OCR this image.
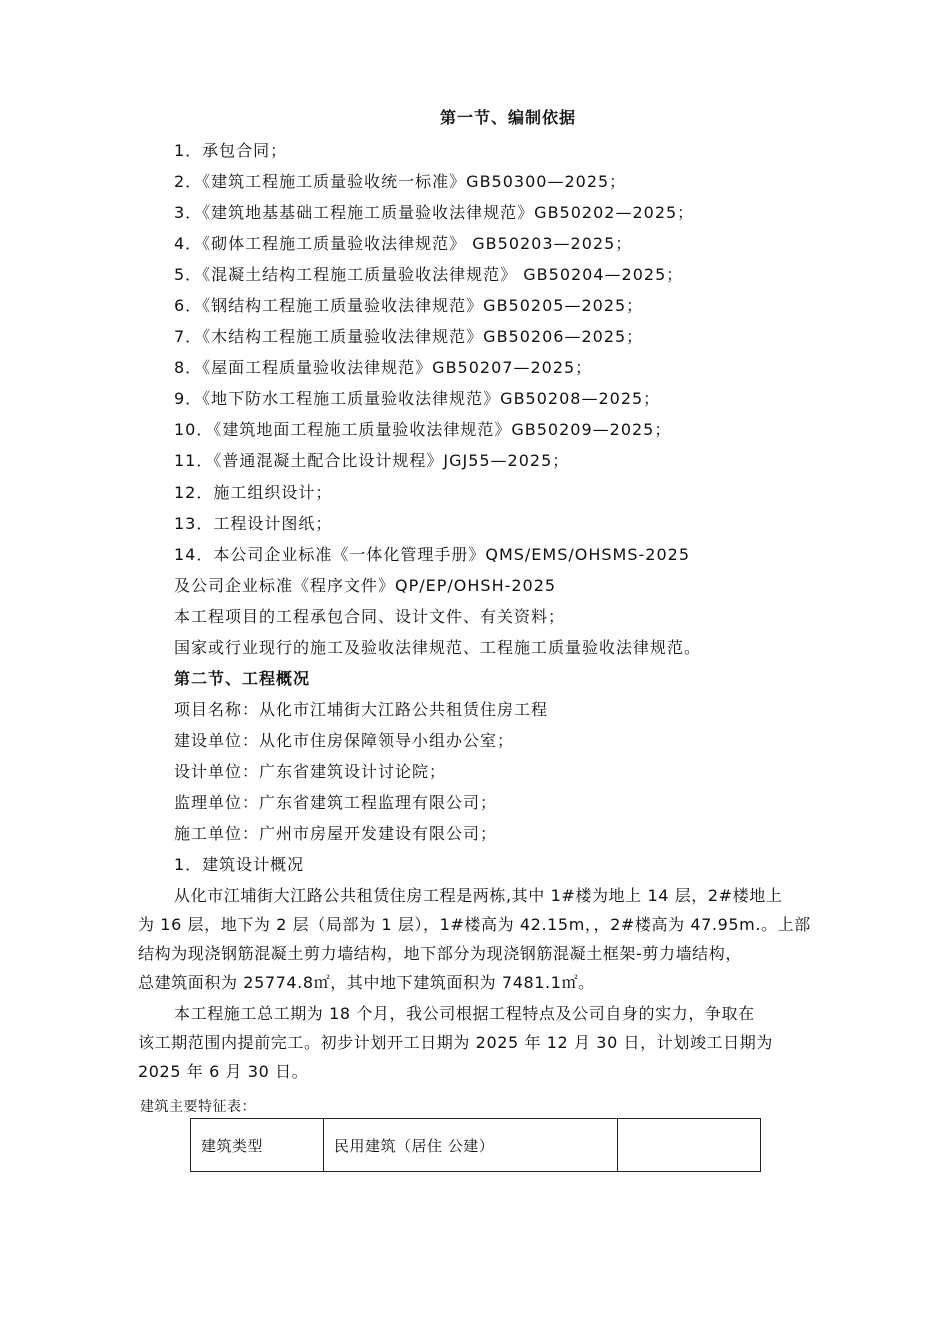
第一节、编制依据
1．承包合同；
2．《建筑工程施工质量验收统一标准》GB50300—2025；
3．《建筑地基基础工程施工质量验收法律规范》GB50202—2025；
4．《砌体工程施工质量验收法律规范》 GB50203—2025；
5．《混凝土结构工程施工质量验收法律规范》 GB50204—2025；
6．《钢结构工程施工质量验收法律规范》GB50205—2025；
7．《木结构工程施工质量验收法律规范》GB50206—2025；
8．《屋面工程质量验收法律规范》GB50207—2025；
9．《地下防水工程施工质量验收法律规范》GB50208—2025；
10．《建筑地面工程施工质量验收法律规范》GB50209—2025；
11．《普通混凝土配合比设计规程》JGJ55—2025；
12．施工组织设计；
13．工程设计图纸；
14．本公司企业标准《一体化管理手册》QMS/EMS/OHSMS-2025
及公司企业标准《程序文件》QP/EP/OHSH-2025
本工程项目的工程承包合同、设计文件、有关资料；
国家或行业现行的施工及验收法律规范、工程施工质量验收法律规范。
第二节、工程概况
项目名称：从化市江埔街大江路公共租赁住房工程
建设单位：从化市住房保障领导小组办公室；
设计单位：广东省建筑设计讨论院；
监理单位：广东省建筑工程监理有限公司；
施工单位：广州市房屋开发建设有限公司；
1．建筑设计概况
从化市江埔街大江路公共租赁住房工程是两栋,其中 1#楼为地上 14 层，2#楼地上
为 16 层，地下为 2 层（局部为 1 层），1#楼高为 42.15m，，2#楼高为 47.95m.。上部
结构为现浇钢筋混凝土剪力墙结构，地下部分为现浇钢筋混凝土框架-剪力墙结构，
总建筑面积为 25774.8㎡，其中地下建筑面积为 7481.1㎡。
本工程施工总工期为 18 个月，我公司根据工程特点及公司自身的实力，争取在
该工期范围内提前完工。初步计划开工日期为 2025 年 12 月 30 日，计划竣工日期为
2025 年 6 月 30 日。
建筑主要特征表：
建筑类型	民用建筑（居住 公建）	
